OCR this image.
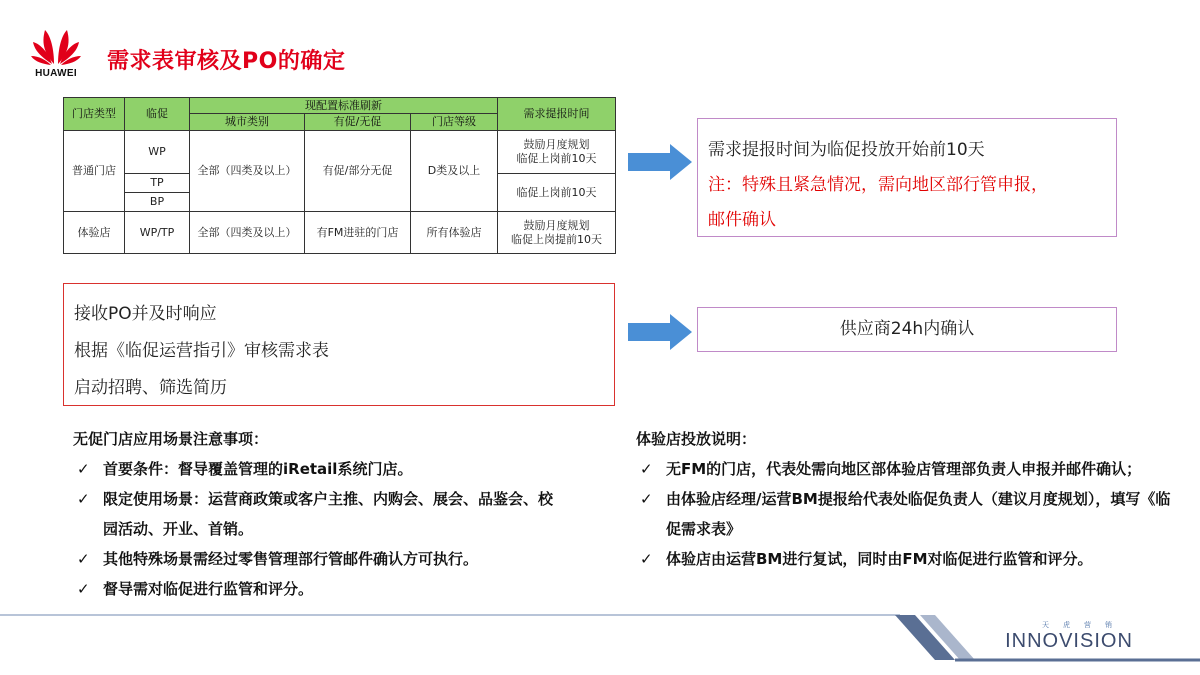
HUAWEI	需求表审核及PO的确定
门店类型	临促	现配置标准刷新			需求提报时间
		城市类别	有促/无促	门店等级	
普通门店	WP	全部（四类及以上）	有促/部分无促	D类及以上	鼓励月度规划
临促上岗前10天
	TP				临促上岗前10天
	BP				
体验店	WP/TP	全部（四类及以上）	有FM进驻的门店	所有体验店	鼓励月度规划
临促上岗提前10天
需求提报时间为临促投放开始前10天
注：特殊且紧急情况，需向地区部行管申报，
邮件确认
接收PO并及时响应
根据《临促运营指引》审核需求表
启动招聘、筛选简历
供应商24h内确认
无促门店应用场景注意事项：
✓ 首要条件：督导覆盖管理的iRetail系统门店。
✓ 限定使用场景：运营商政策或客户主推、内购会、展会、品鉴会、校园活动、开业、首销。
✓ 其他特殊场景需经过零售管理部行管邮件确认方可执行。
✓ 督导需对临促进行监管和评分。
体验店投放说明：
✓ 无FM的门店，代表处需向地区部体验店管理部负责人申报并邮件确认；
✓ 由体验店经理/运营BM提报给代表处临促负责人（建议月度规划），填写《临促需求表》
✓ 体验店由运营BM进行复试，同时由FM对临促进行监管和评分。
天虎营销
INNOVISION
